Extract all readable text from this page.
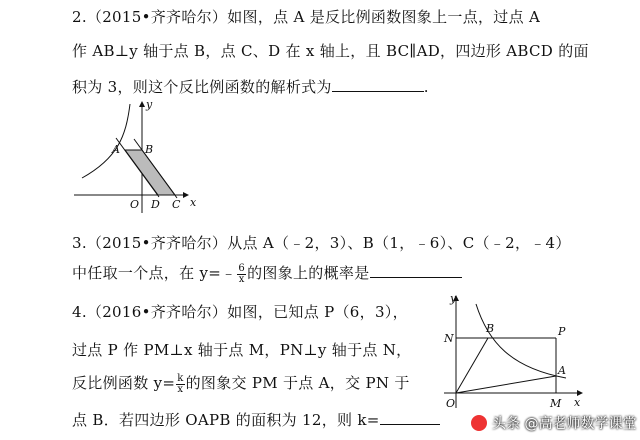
2.（2015•齐齐哈尔）如图，点 A 是反比例函数图象上一点，过点 A
作 AB⊥y 轴于点 B，点 C、D 在 x 轴上，且 BC∥AD，四边形 ABCD 的面
积为 3，则这个反比例函数的解析式为	.
y
x
A B
O D C
3.（2015•齐齐哈尔）从点 A（﹣2，3）、B（1，﹣6）、C（﹣2，﹣4）
中任取一个点，在 y=﹣ $\frac{6}{x}$ 的图象上的概率是
4.（2016•齐齐哈尔）如图，已知点 P（6，3），
过点 P 作 PM⊥x 轴于点 M，PN⊥y 轴于点 N，
反比例函数 $y= \frac{k}{x}$ 的图象交 PM 于点 A，交 PN 于
点 B．若四边形 OAPB 的面积为 12，则 k=
y
x
N
B	P
A
O	M
头条 @高老师数学课堂
